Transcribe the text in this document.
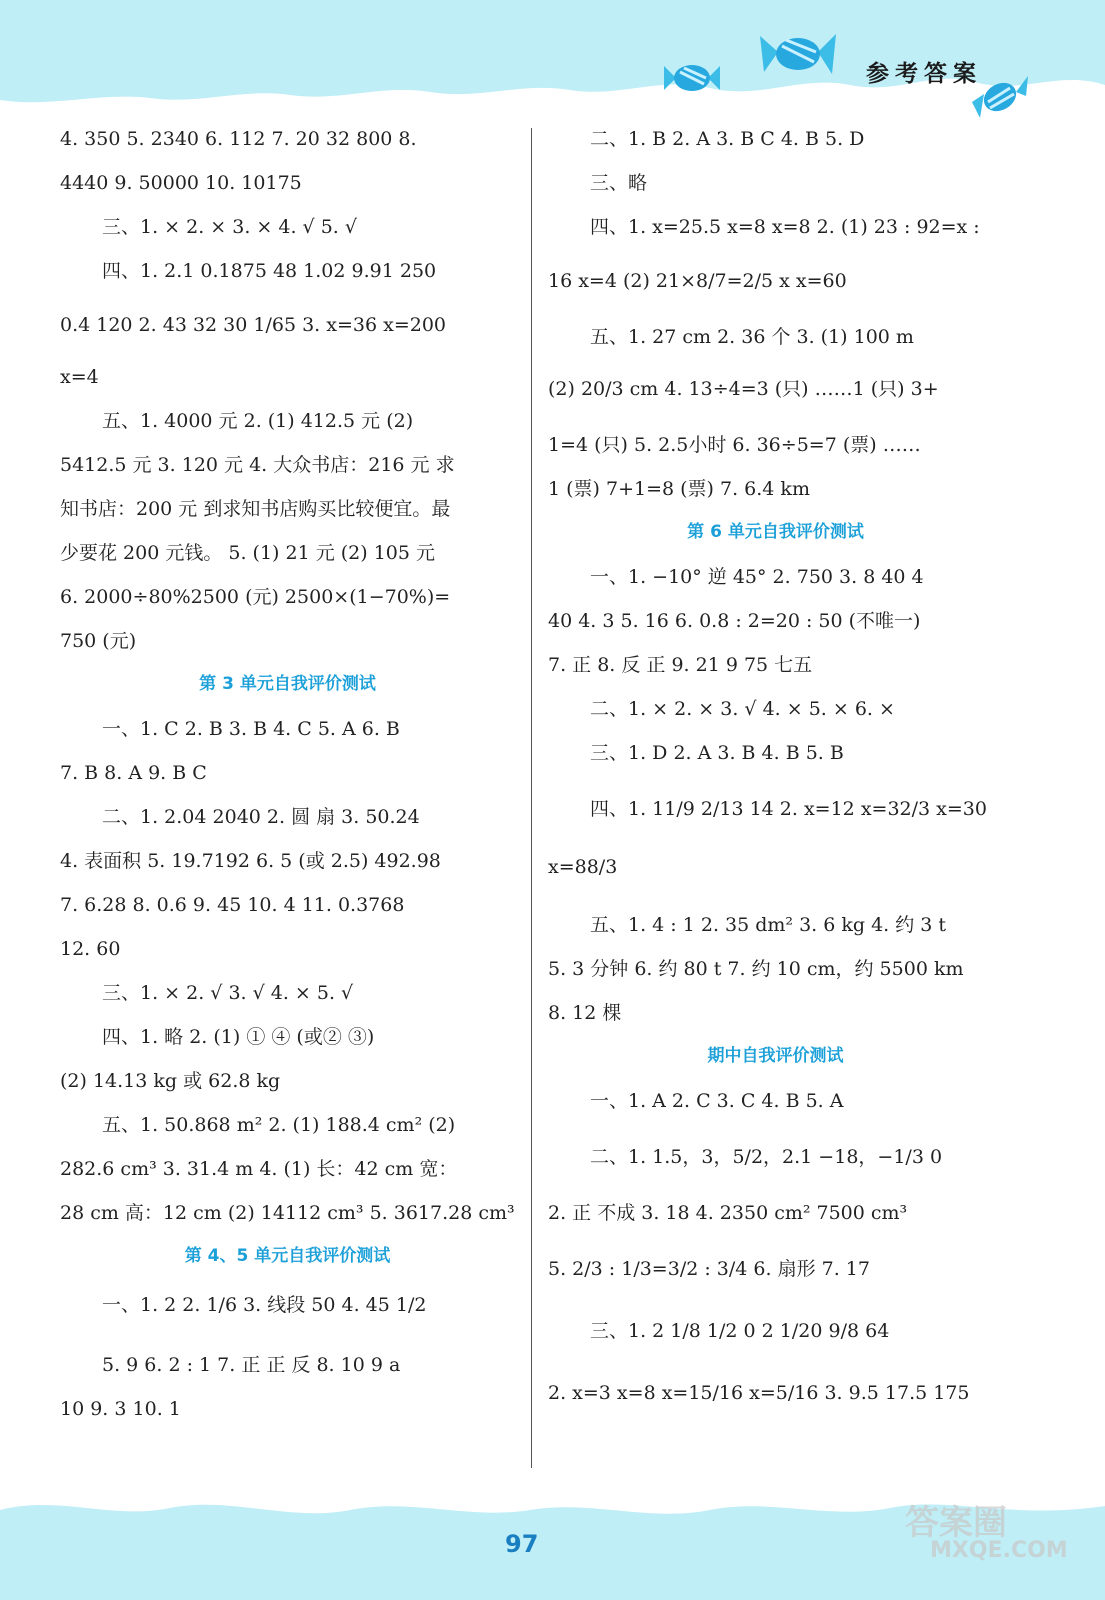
参考答案
4. 350 5. 2340 6. 112 7. 20 32 800 8.
4440 9. 50000 10. 10175
三、1. × 2. × 3. × 4. √ 5. √
四、1. 2.1 0.1875 48 1.02 9.91 250
0.4 120 2. 43 32 30 1/65 3. x=36 x=200
x=4
五、1. 4000 元 2. (1) 412.5 元 (2)
5412.5 元 3. 120 元 4. 大众书店：216 元 求
知书店：200 元 到求知书店购买比较便宜。最
少要花 200 元钱。 5. (1) 21 元 (2) 105 元
6. 2000÷80%2500 (元) 2500×(1−70%)=
750 (元)
第 3 单元自我评价测试
一、1. C 2. B 3. B 4. C 5. A 6. B
7. B 8. A 9. B C
二、1. 2.04 2040 2. 圆 扇 3. 50.24
4. 表面积 5. 19.7192 6. 5 (或 2.5) 492.98
7. 6.28 8. 0.6 9. 45 10. 4 11. 0.3768
12. 60
三、1. × 2. √ 3. √ 4. × 5. √
四、1. 略 2. (1) ① ④ (或② ③)
(2) 14.13 kg 或 62.8 kg
五、1. 50.868 m² 2. (1) 188.4 cm² (2)
282.6 cm³ 3. 31.4 m 4. (1) 长：42 cm 宽：
28 cm 高：12 cm (2) 14112 cm³ 5. 3617.28 cm³
第 4、5 单元自我评价测试
一、1. 2 2. 1/6 3. 线段 50 4. 45 1/2
5. 9 6. 2 : 1 7. 正 正 反 8. 10 9 a
10 9. 3 10. 1
二、1. B 2. A 3. B C 4. B 5. D
三、略
四、1. x=25.5 x=8 x=8 2. (1) 23 : 92=x :
16 x=4 (2) 21×8/7=2/5 x x=60
五、1. 27 cm 2. 36 个 3. (1) 100 m
(2) 20/3 cm 4. 13÷4=3 (只) ……1 (只) 3+
1=4 (只) 5. 2.5小时 6. 36÷5=7 (票) ……
1 (票) 7+1=8 (票) 7. 6.4 km
第 6 单元自我评价测试
一、1. −10° 逆 45° 2. 750 3. 8 40 4
40 4. 3 5. 16 6. 0.8 : 2=20 : 50 (不唯一)
7. 正 8. 反 正 9. 21 9 75 七五
二、1. × 2. × 3. √ 4. × 5. × 6. ×
三、1. D 2. A 3. B 4. B 5. B
四、1. 11/9 2/13 14 2. x=12 x=32/3 x=30
x=88/3
五、1. 4 : 1 2. 35 dm² 3. 6 kg 4. 约 3 t
5. 3 分钟 6. 约 80 t 7. 约 10 cm，约 5500 km
8. 12 棵
期中自我评价测试
一、1. A 2. C 3. C 4. B 5. A
二、1. 1.5，3，5/2，2.1 −18，−1/3 0
2. 正 不成 3. 18 4. 2350 cm² 7500 cm³
5. 2/3 : 1/3=3/2 : 3/4 6. 扇形 7. 17
三、1. 2 1/8 1/2 0 2 1/20 9/8 64
2. x=3 x=8 x=15/16 x=5/16 3. 9.5 17.5 175
97
答案圈
MXQE.COM
